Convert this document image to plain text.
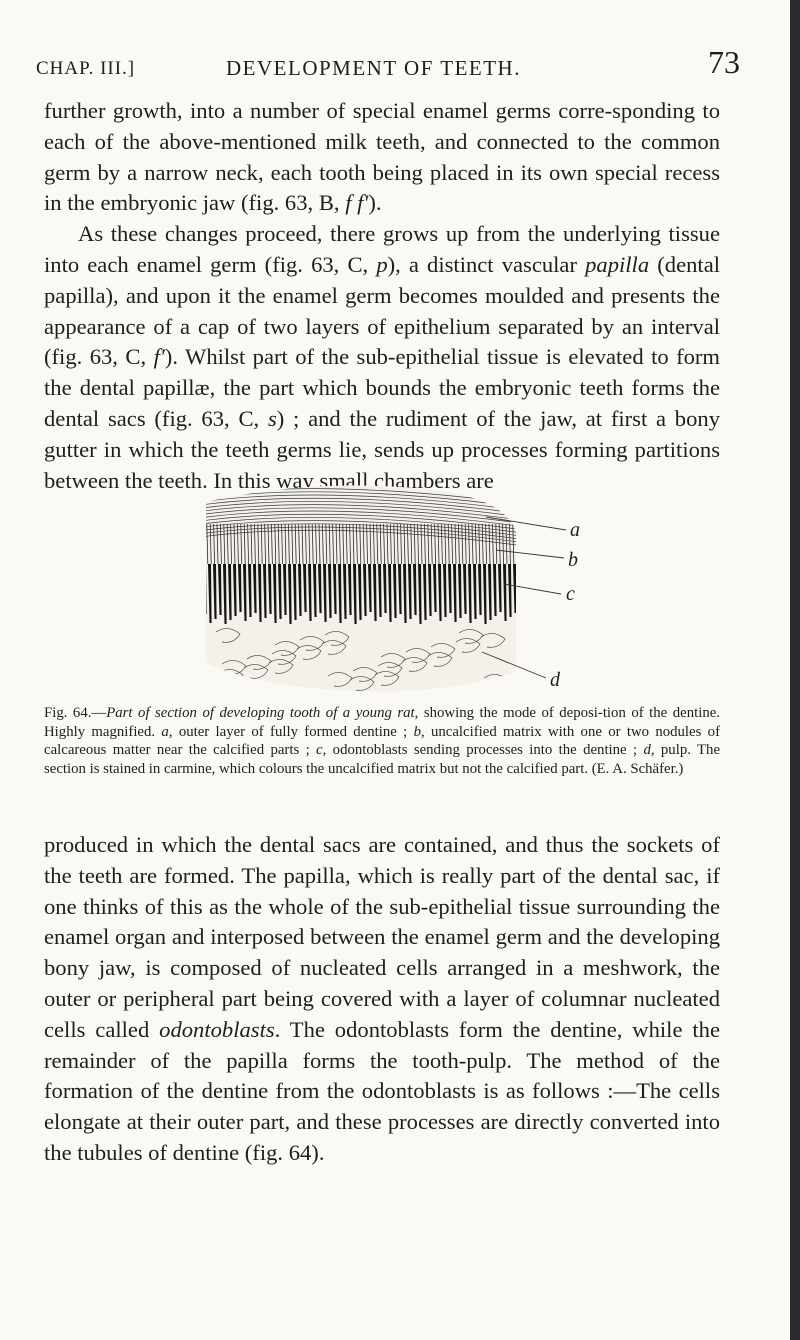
CHAP. III.]	DEVELOPMENT OF TEETH.	73

further growth, into a number of special enamel germs corre-sponding to each of the above-mentioned milk teeth, and connected to the common germ by a narrow neck, each tooth being placed in its own special recess in the embryonic jaw (fig. 63, B, f f′).

As these changes proceed, there grows up from the underlying tissue into each enamel germ (fig. 63, C, p), a distinct vascular papilla (dental papilla), and upon it the enamel germ becomes moulded and presents the appearance of a cap of two layers of epithelium separated by an interval (fig. 63, C, f′). Whilst part of the sub-epithelial tissue is elevated to form the dental papillæ, the part which bounds the embryonic teeth forms the dental sacs (fig. 63, C, s) ; and the rudiment of the jaw, at first a bony gutter in which the teeth germs lie, sends up processes forming partitions between the teeth. In this way small chambers are

a
b
c
d
Fig. 64.—Part of section of developing tooth of a young rat, showing the mode of deposi-tion of the dentine. Highly magnified. a, outer layer of fully formed dentine ; b, uncalcified matrix with one or two nodules of calcareous matter near the calcified parts ; c, odontoblasts sending processes into the dentine ; d, pulp. The section is stained in carmine, which colours the uncalcified matrix but not the calcified part. (E. A. Schäfer.)

produced in which the dental sacs are contained, and thus the sockets of the teeth are formed. The papilla, which is really part of the dental sac, if one thinks of this as the whole of the sub-epithelial tissue surrounding the enamel organ and interposed between the enamel germ and the developing bony jaw, is composed of nucleated cells arranged in a meshwork, the outer or peripheral part being covered with a layer of columnar nucleated cells called odontoblasts. The odontoblasts form the dentine, while the remainder of the papilla forms the tooth-pulp. The method of the formation of the dentine from the odontoblasts is as follows :—The cells elongate at their outer part, and these processes are directly converted into the tubules of dentine (fig. 64).
